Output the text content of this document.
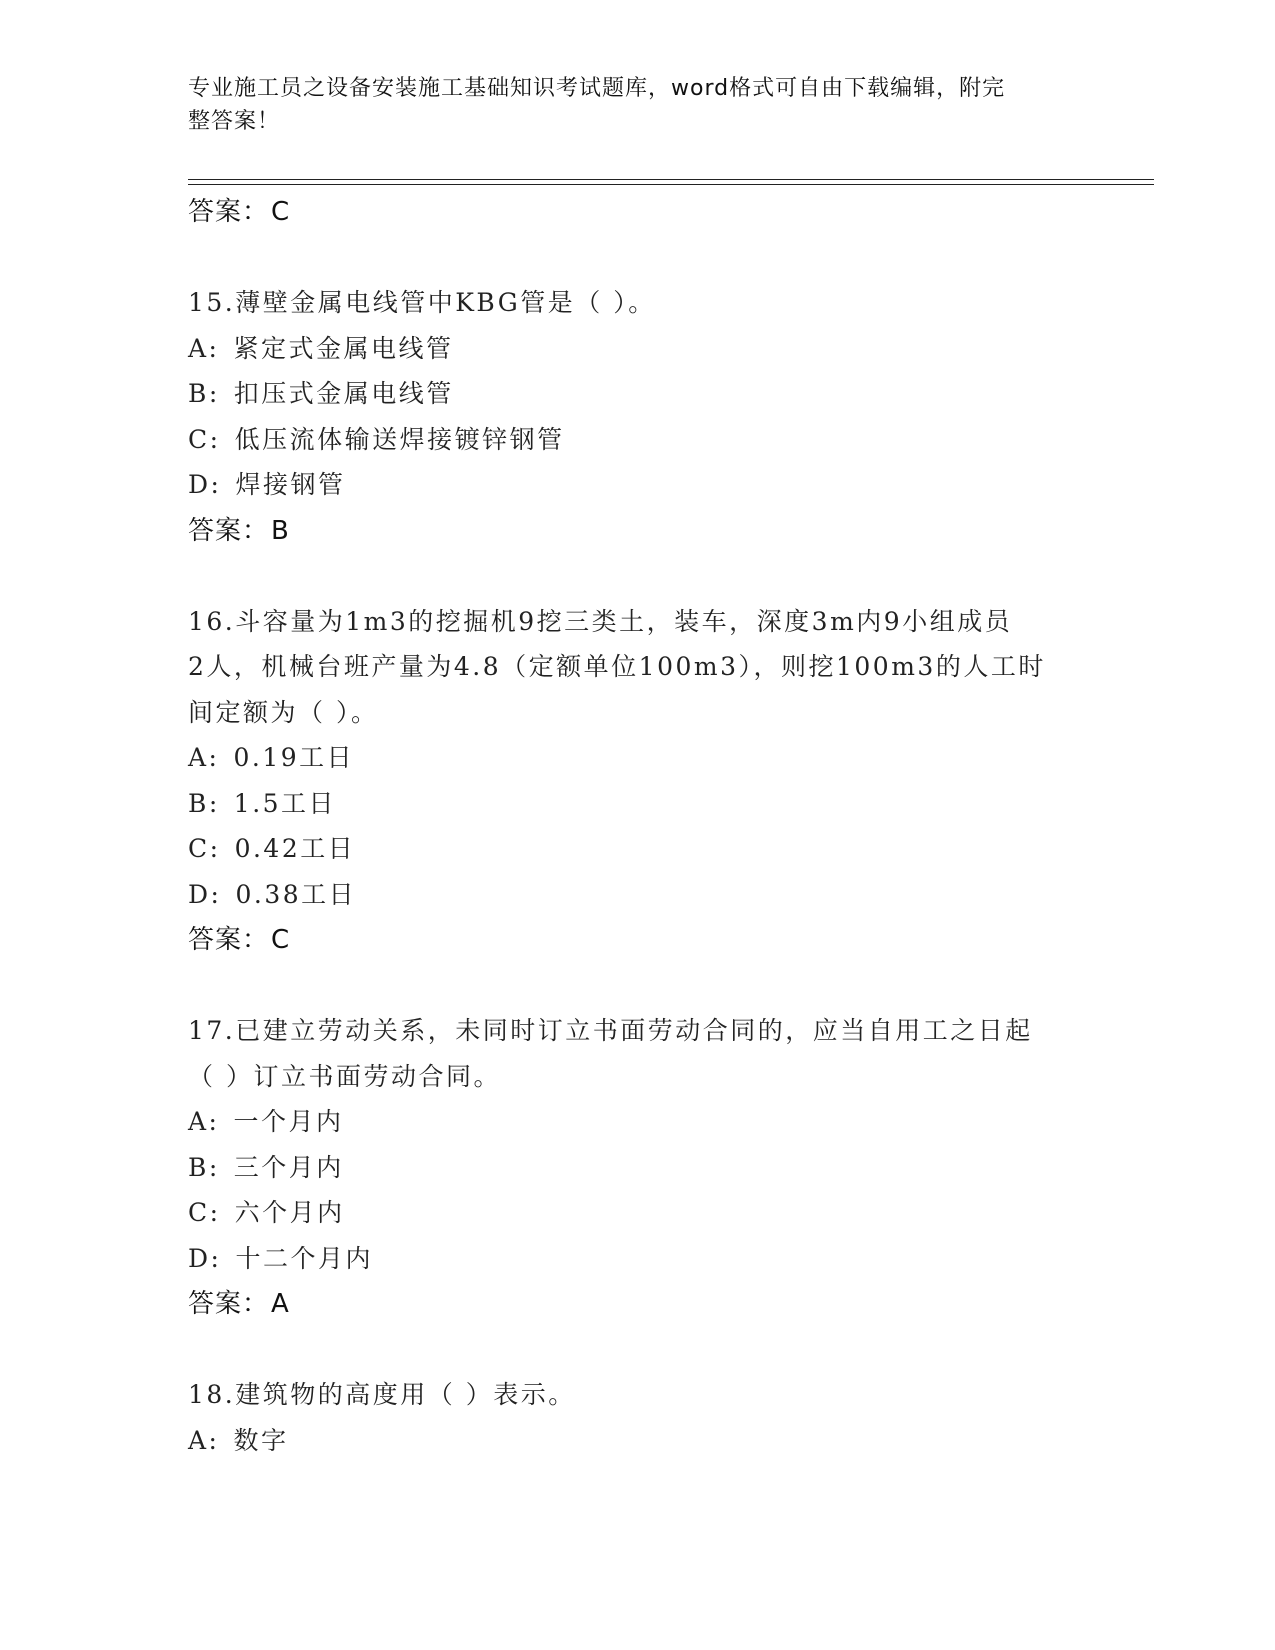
专业施工员之设备安装施工基础知识考试题库，word格式可自由下载编辑，附完
整答案！
答案：C
15.薄壁金属电线管中KBG管是（ ）。
A: 紧定式金属电线管
B: 扣压式金属电线管
C: 低压流体输送焊接镀锌钢管
D: 焊接钢管
答案：B
16.斗容量为1m3的挖掘机9挖三类土，装车，深度3m内9小组成员
2人，机械台班产量为4.8（定额单位100m3），则挖100m3的人工时
间定额为（ ）。
A: 0.19工日
B: 1.5工日
C: 0.42工日
D: 0.38工日
答案：C
17.已建立劳动关系，未同时订立书面劳动合同的，应当自用工之日起
（ ）订立书面劳动合同。
A: 一个月内
B: 三个月内
C: 六个月内
D: 十二个月内
答案：A
18.建筑物的高度用（ ）表示。
A: 数字
